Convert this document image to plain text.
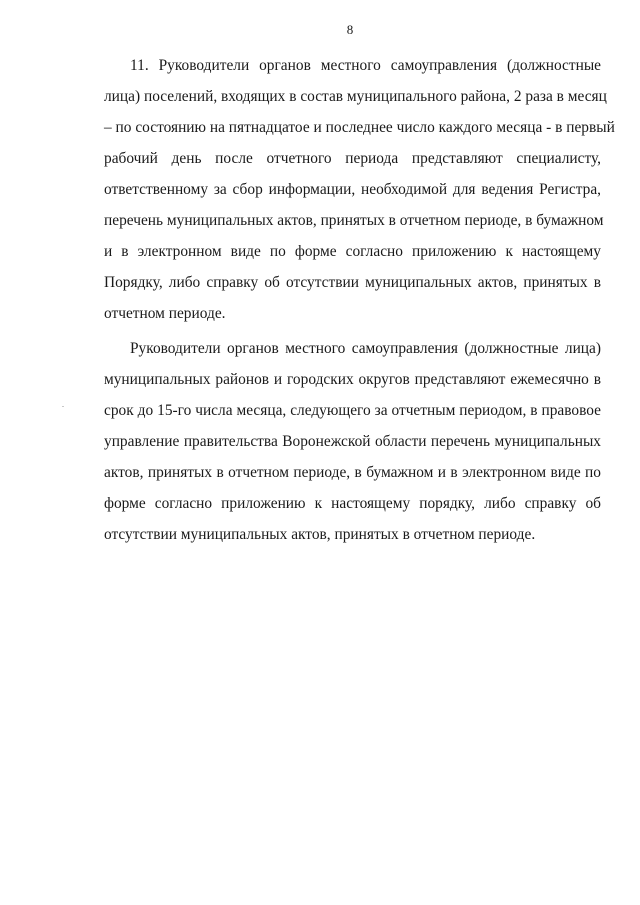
8
11. Руководители органов местного самоуправления (должностные
лица) поселений, входящих в состав муниципального района, 2 раза в месяц
– по состоянию на пятнадцатое и последнее число каждого месяца - в первый
рабочий день после отчетного периода представляют специалисту,
ответственному за сбор информации, необходимой для ведения Регистра,
перечень муниципальных актов, принятых в отчетном периоде, в бумажном
и в электронном виде по форме согласно приложению к настоящему
Порядку, либо справку об отсутствии муниципальных актов, принятых в
отчетном периоде.
Руководители органов местного самоуправления (должностные лица)
муниципальных районов и городских округов представляют ежемесячно в
срок до 15-го числа месяца, следующего за отчетным периодом, в правовое
управление правительства Воронежской области перечень муниципальных
актов, принятых в отчетном периоде, в бумажном и в электронном виде по
форме согласно приложению к настоящему порядку, либо справку об
отсутствии муниципальных актов, принятых в отчетном периоде.
